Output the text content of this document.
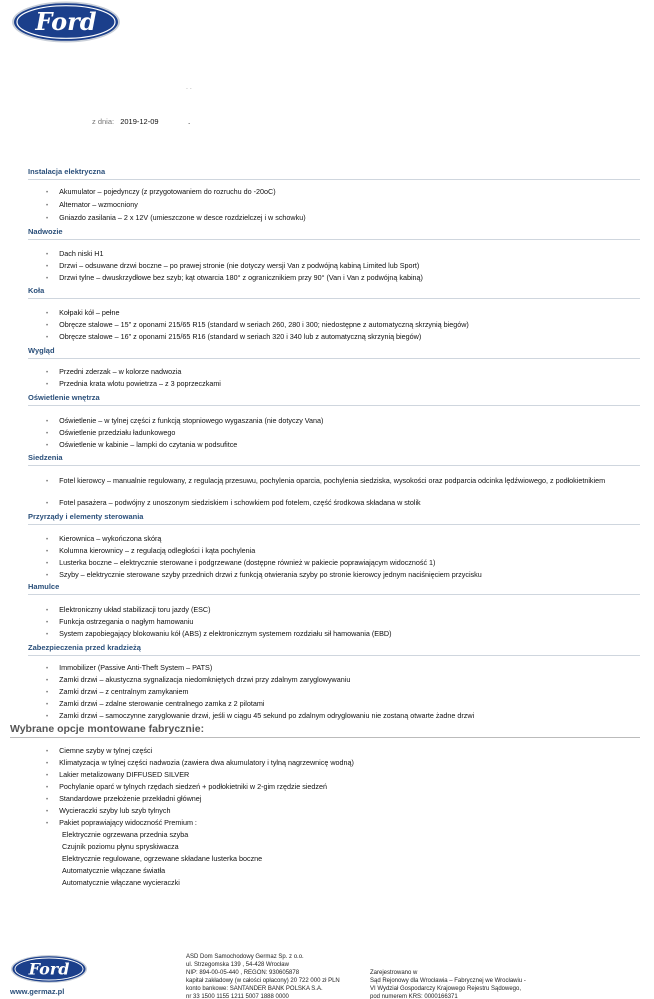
Ford
. .
z dnia: 2019-12-09	.
Instalacja elektryczna
• Akumulator – pojedynczy (z przygotowaniem do rozruchu do -20oC)
• Alternator – wzmocniony
• Gniazdo zasilania – 2 x 12V (umieszczone w desce rozdzielczej i w schowku)
Nadwozie
• Dach niski H1
• Drzwi – odsuwane drzwi boczne – po prawej stronie (nie dotyczy wersji Van z podwójną kabiną Limited lub Sport)
• Drzwi tylne – dwuskrzydłowe bez szyb; kąt otwarcia 180° z ogranicznikiem przy 90° (Van i Van z podwójną kabiną)
Koła
• Kołpaki kół – pełne
• Obręcze stalowe – 15" z oponami 215/65 R15 (standard w seriach 260, 280 i 300; niedostępne z automatyczną skrzynią biegów)
• Obręcze stalowe – 16" z oponami 215/65 R16 (standard w seriach 320 i 340 lub z automatyczną skrzynią biegów)
Wygląd
• Przedni zderzak – w kolorze nadwozia
• Przednia krata wlotu powietrza – z 3 poprzeczkami
Oświetlenie wnętrza
• Oświetlenie – w tylnej części z funkcją stopniowego wygaszania (nie dotyczy Vana)
• Oświetlenie przedziału ładunkowego
• Oświetlenie w kabinie – lampki do czytania w podsufitce
Siedzenia
• Fotel kierowcy – manualnie regulowany, z regulacją przesuwu, pochylenia oparcia, pochylenia siedziska, wysokości oraz podparcia odcinka lędźwiowego, z podłokietnikiem
• Fotel pasażera – podwójny z unoszonym siedziskiem i schowkiem pod fotelem, część środkowa składana w stolik
Przyrządy i elementy sterowania
• Kierownica – wykończona skórą
• Kolumna kierownicy – z regulacją odległości i kąta pochylenia
• Lusterka boczne – elektrycznie sterowane i podgrzewane (dostępne również w pakiecie poprawiającym widoczność 1)
• Szyby – elektrycznie sterowane szyby przednich drzwi z funkcją otwierania szyby po stronie kierowcy jednym naciśnięciem przycisku
Hamulce
• Elektroniczny układ stabilizacji toru jazdy (ESC)
• Funkcja ostrzegania o nagłym hamowaniu
• System zapobiegający blokowaniu kół (ABS) z elektronicznym systemem rozdziału sił hamowania (EBD)
Zabezpieczenia przed kradzieżą
• Immobilizer (Passive Anti-Theft System – PATS)
• Zamki drzwi – akustyczna sygnalizacja niedomkniętych drzwi przy zdalnym zaryglowywaniu
• Zamki drzwi – z centralnym zamykaniem
• Zamki drzwi – zdalne sterowanie centralnego zamka z 2 pilotami
• Zamki drzwi – samoczynne zaryglowanie drzwi, jeśli w ciągu 45 sekund po zdalnym odryglowaniu nie zostaną otwarte żadne drzwi
Wybrane opcje montowane fabrycznie:
• Ciemne szyby w tylnej części
• Klimatyzacja w tylnej części nadwozia (zawiera dwa akumulatory i tylną nagrzewnicę wodną)
• Lakier metalizowany DIFFUSED SILVER
• Pochylanie oparć w tylnych rzędach siedzeń + podłokietniki w 2-gim rzędzie siedzeń
• Standardowe przełożenie przekładni głównej
• Wycieraczki szyby lub szyb tylnych
• Pakiet poprawiający widoczność Premium :
Elektrycznie ogrzewana przednia szyba
Czujnik poziomu płynu spryskiwacza
Elektrycznie regulowane, ogrzewane składane lusterka boczne
Automatycznie włączane światła
Automatycznie włączane wycieraczki
Ford
www.germaz.pl
ASD Dom Samochodowy Germaz Sp. z o.o.
ul. Strzegomska 139 , 54-428 Wrocław
NIP: 894-00-05-440 , REGON: 930605878
kapitał zakładowy (w całości opłacony) 20 722 000 zł PLN
konto bankowe: SANTANDER BANK POLSKA S.A.
nr 33 1500 1155 1211 5007 1888 0000
Zarejestrowano w
Sąd Rejonowy dla Wrocławia – Fabrycznej we Wrocławiu -
VI Wydział Gospodarczy Krajowego Rejestru Sądowego,
pod numerem KRS: 0000166371
